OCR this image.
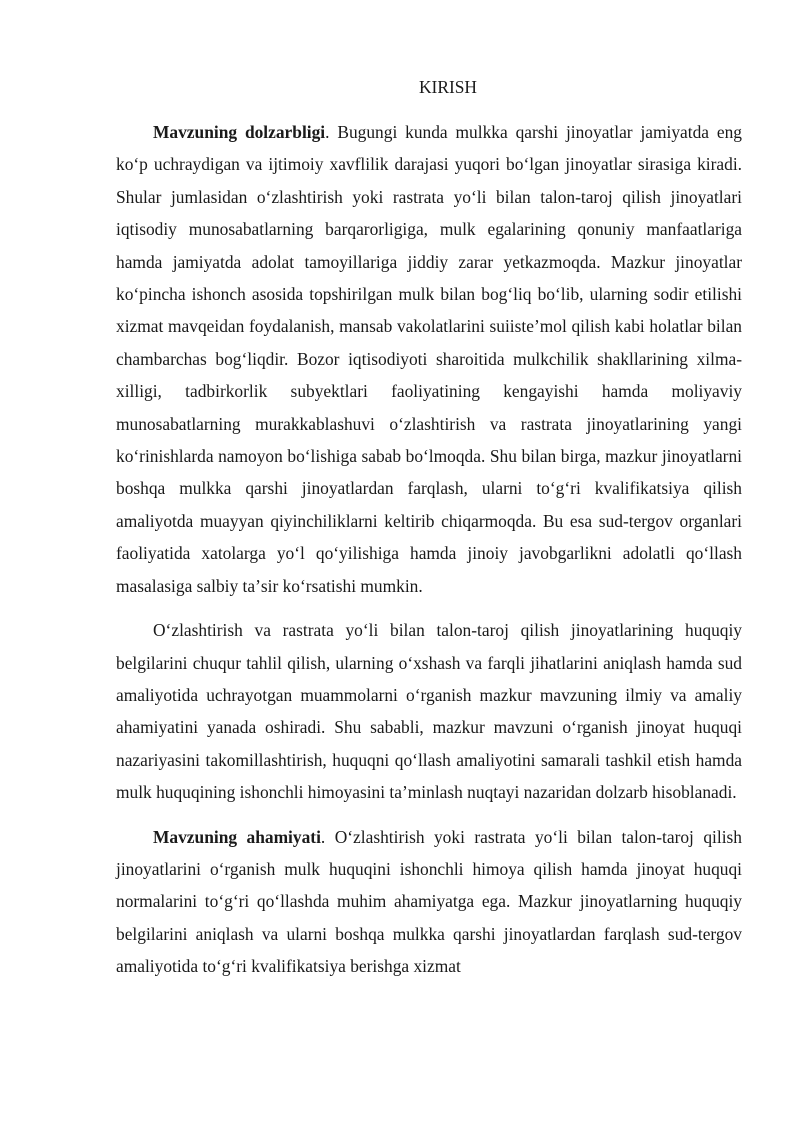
KIRISH

Mavzuning dolzarbligi. Bugungi kunda mulkka qarshi jinoyatlar jamiyatda eng koʻp uchraydigan va ijtimoiy xavflilik darajasi yuqori boʻlgan jinoyatlar sirasiga kiradi. Shular jumlasidan oʻzlashtirish yoki rastrata yoʻli bilan talon-taroj qilish jinoyatlari iqtisodiy munosabatlarning barqarorligiga, mulk egalarining qonuniy manfaatlariga hamda jamiyatda adolat tamoyillariga jiddiy zarar yetkazmoqda. Mazkur jinoyatlar koʻpincha ishonch asosida topshirilgan mulk bilan bogʻliq boʻlib, ularning sodir etilishi xizmat mavqeidan foydalanish, mansab vakolatlarini suiisteʼmol qilish kabi holatlar bilan chambarchas bogʻliqdir. Bozor iqtisodiyoti sharoitida mulkchilik shakllarining xilma-xilligi, tadbirkorlik subyektlari faoliyatining kengayishi hamda moliyaviy munosabatlarning murakkablashuvi oʻzlashtirish va rastrata jinoyatlarining yangi koʻrinishlarda namoyon boʻlishiga sabab boʻlmoqda. Shu bilan birga, mazkur jinoyatlarni boshqa mulkka qarshi jinoyatlardan farqlash, ularni toʻgʻri kvalifikatsiya qilish amaliyotda muayyan qiyinchiliklarni keltirib chiqarmoqda. Bu esa sud-tergov organlari faoliyatida xatolarga yoʻl qoʻyilishiga hamda jinoiy javobgarlikni adolatli qoʻllash masalasiga salbiy taʼsir koʻrsatishi mumkin.

Oʻzlashtirish va rastrata yoʻli bilan talon-taroj qilish jinoyatlarining huquqiy belgilarini chuqur tahlil qilish, ularning oʻxshash va farqli jihatlarini aniqlash hamda sud amaliyotida uchrayotgan muammolarni oʻrganish mazkur mavzuning ilmiy va amaliy ahamiyatini yanada oshiradi. Shu sababli, mazkur mavzuni oʻrganish jinoyat huquqi nazariyasini takomillashtirish, huquqni qoʻllash amaliyotini samarali tashkil etish hamda mulk huquqining ishonchli himoyasini taʼminlash nuqtayi nazaridan dolzarb hisoblanadi.

Mavzuning ahamiyati. Oʻzlashtirish yoki rastrata yoʻli bilan talon-taroj qilish jinoyatlarini oʻrganish mulk huquqini ishonchli himoya qilish hamda jinoyat huquqi normalarini toʻgʻri qoʻllashda muhim ahamiyatga ega. Mazkur jinoyatlarning huquqiy belgilarini aniqlash va ularni boshqa mulkka qarshi jinoyatlardan farqlash sud-tergov amaliyotida toʻgʻri kvalifikatsiya berishga xizmat
